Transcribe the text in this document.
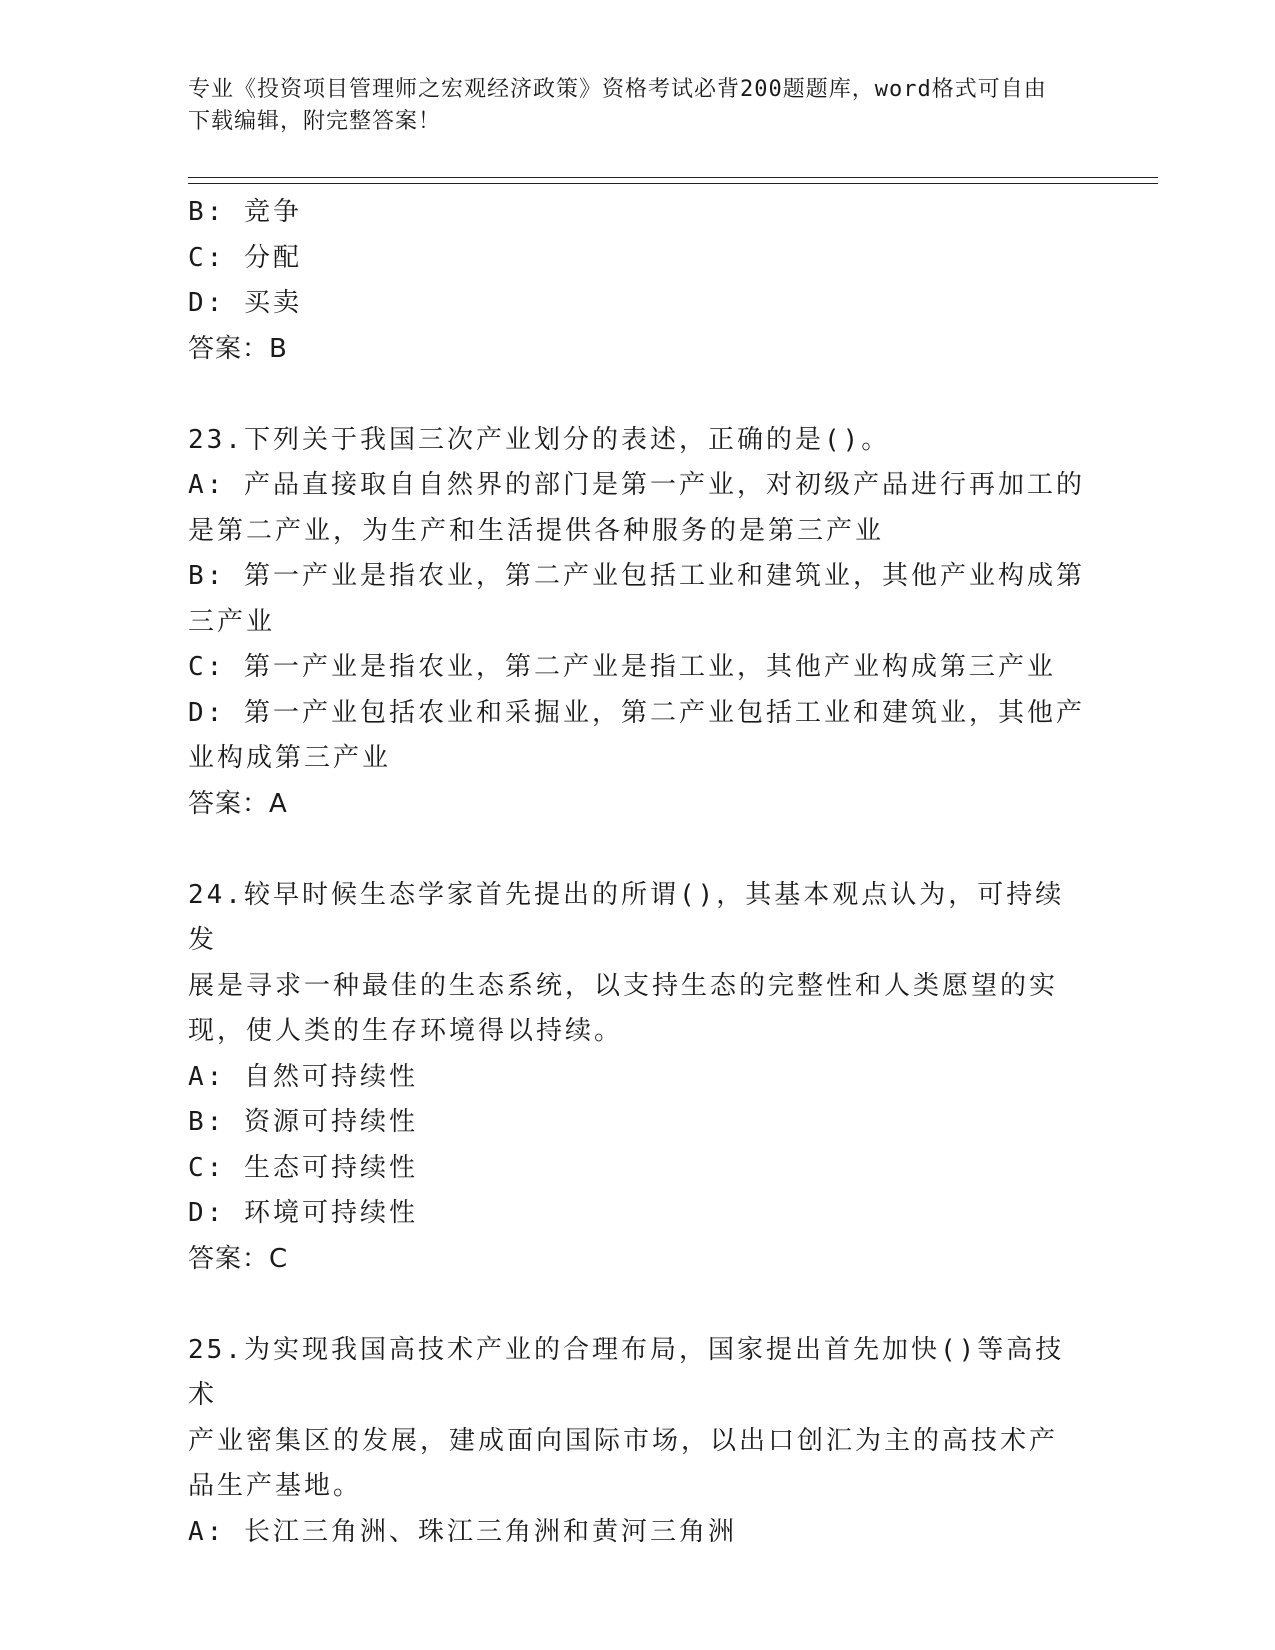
专业《投资项目管理师之宏观经济政策》资格考试必背200题题库，word格式可自由下载编辑，附完整答案！

B: 竞争

C: 分配

D: 买卖

答案：B

23.下列关于我国三次产业划分的表述，正确的是()。

A: 产品直接取自自然界的部门是第一产业，对初级产品进行再加工的

是第二产业，为生产和生活提供各种服务的是第三产业

B: 第一产业是指农业，第二产业包括工业和建筑业，其他产业构成第

三产业

C: 第一产业是指农业，第二产业是指工业，其他产业构成第三产业

D: 第一产业包括农业和采掘业，第二产业包括工业和建筑业，其他产

业构成第三产业

答案：A

24.较早时候生态学家首先提出的所谓()，其基本观点认为，可持续发

展是寻求一种最佳的生态系统，以支持生态的完整性和人类愿望的实

现，使人类的生存环境得以持续。

A: 自然可持续性

B: 资源可持续性

C: 生态可持续性

D: 环境可持续性

答案：C

25.为实现我国高技术产业的合理布局，国家提出首先加快()等高技术

产业密集区的发展，建成面向国际市场，以出口创汇为主的高技术产

品生产基地。

A: 长江三角洲、珠江三角洲和黄河三角洲
